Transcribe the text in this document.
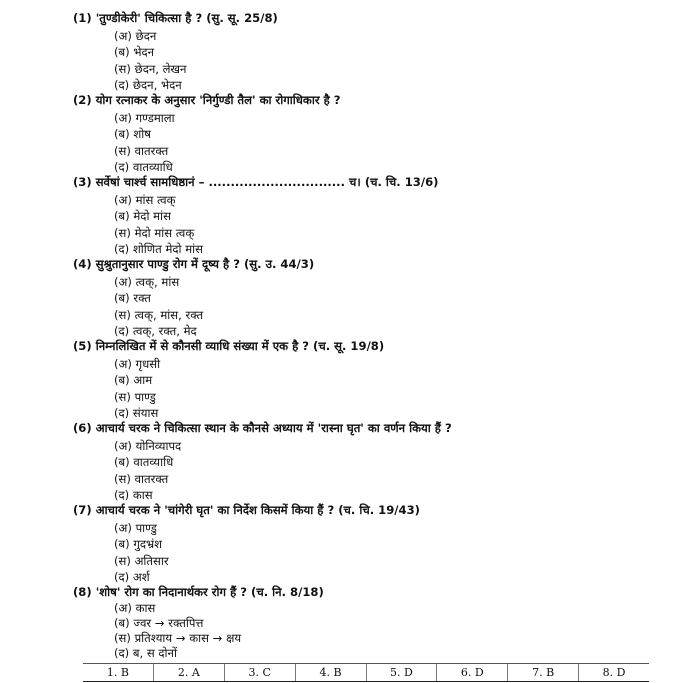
(1) 'तुण्डीकेरी' चिकित्सा है ? (सु. सू. 25/8)
(अ) छेदन
(ब) भेदन
(स) छेदन, लेखन
(द) छेदन, भेदन
(2) योग रत्नाकर के अनुसार 'निर्गुण्डी तैल' का रोगाधिकार है ?
(अ) गण्डमाला
(ब) शोष
(स) वातरक्त
(द) वातव्याधि
(3) सर्वेषां चार्श्च सामधिष्ठानं – ............................... च। (च. चि. 13/6)
(अ) मांस त्वक्
(ब) मेदो मांस
(स) मेदो मांस त्वक्
(द) शोणित मेदो मांस
(4) सुश्रुतानुसार पाण्डु रोग में दूष्य है ? (सु. उ. 44/3)
(अ) त्वक्, मांस
(ब) रक्त
(स) त्वक्, मांस, रक्त
(द) त्वक्, रक्त, मेद
(5) निम्नलिखित में से कौनसी व्याधि संख्या में एक है ? (च. सू. 19/8)
(अ) गृधसी
(ब) आम
(स) पाण्डु
(द) संयास
(6) आचार्य चरक ने चिकित्सा स्थान के कौनसे अध्याय में 'रास्ना घृत' का वर्णन किया हैं ?
(अ) योनिव्यापद
(ब) वातव्याधि
(स) वातरक्त
(द) कास
(7) आचार्य चरक ने 'चांगेरी घृत' का निर्देश किसमें किया हैं ? (च. चि. 19/43)
(अ) पाण्डु
(ब) गुदभ्रंश
(स) अतिसार
(द) अर्श
(8) 'शोष' रोग का निदानार्थकर रोग हैं ? (च. नि. 8/18)
(अ) कास
(ब) ज्वर → रक्तपित्त
(स) प्रतिश्याय → कास → क्षय
(द) ब, स दोनों
1. B	2. A	3. C	4. B	5. D	6. D	7. B	8. D
